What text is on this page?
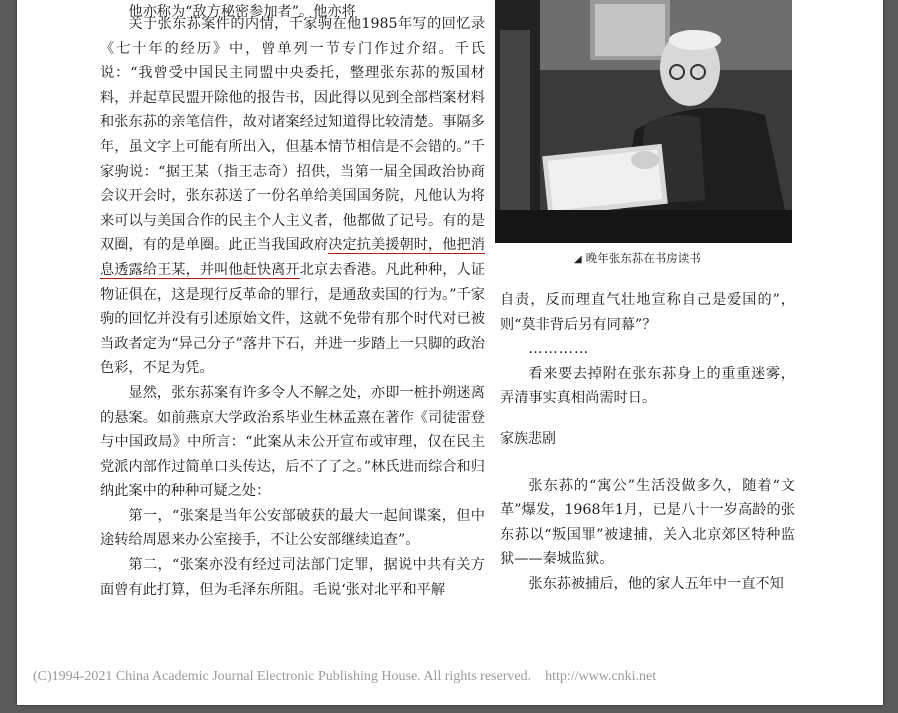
他亦称为“敌方秘密参加者”。他亦将

关于张东荪案件的内情，千家驹在他1985年写的回忆录《七十年的经历》中，曾单列一节专门作过介绍。千氏说：“我曾受中国民主同盟中央委托，整理张东荪的叛国材料，并起草民盟开除他的报告书，因此得以见到全部档案材料和张东荪的亲笔信件，故对诸案经过知道得比较清楚。事隔多年，虽文字上可能有所出入，但基本情节相信是不会错的。”千家驹说：“据王某（指王志奇）招供，当第一届全国政治协商会议开会时，张东荪送了一份名单给美国国务院，凡他认为将来可以与美国合作的民主个人主义者，他都做了记号。有的是双圈，有的是单圈。此正当我国政府决定抗美援朝时，他把消息透露给王某，并叫他赶快离开北京去香港。凡此种种，人证物证俱在，这是现行反革命的罪行，是通敌卖国的行为。”千家驹的回忆并没有引述原始文件，这就不免带有那个时代对已被当政者定为“异己分子”落井下石，并进一步踏上一只脚的政治色彩，不足为凭。

显然，张东荪案有许多令人不解之处，亦即一桩扑朔迷离的悬案。如前燕京大学政治系毕业生林孟熹在著作《司徒雷登与中国政局》中所言：“此案从未公开宣布或审理，仅在民主党派内部作过简单口头传达，后不了了之。”林氏进而综合和归纳此案中的种种可疑之处：

第一，“张案是当年公安部破获的最大一起间谍案，但中途转给周恩来办公室接手，不让公安部继续追查”。

第二，“张案亦没有经过司法部门定罪，据说中共有关方面曾有此打算，但为毛泽东所阻。毛说‘张对北平和平解

◢ 晚年张东荪在书房读书

自责，反而理直气壮地宣称自己是爱国的”，则“莫非背后另有同幕”？

…………

看来要去掉附在张东荪身上的重重迷雾，弄清事实真相尚需时日。

家族悲剧

张东荪的“寓公”生活没做多久，随着“文革”爆发，1968年1月，已是八十一岁高龄的张东荪以“叛国罪”被逮捕，关入北京郊区特种监狱——秦城监狱。

张东荪被捕后，他的家人五年中一直不知

(C)1994-2021 China Academic Journal Electronic Publishing House. All rights reserved. http://www.cnki.net
